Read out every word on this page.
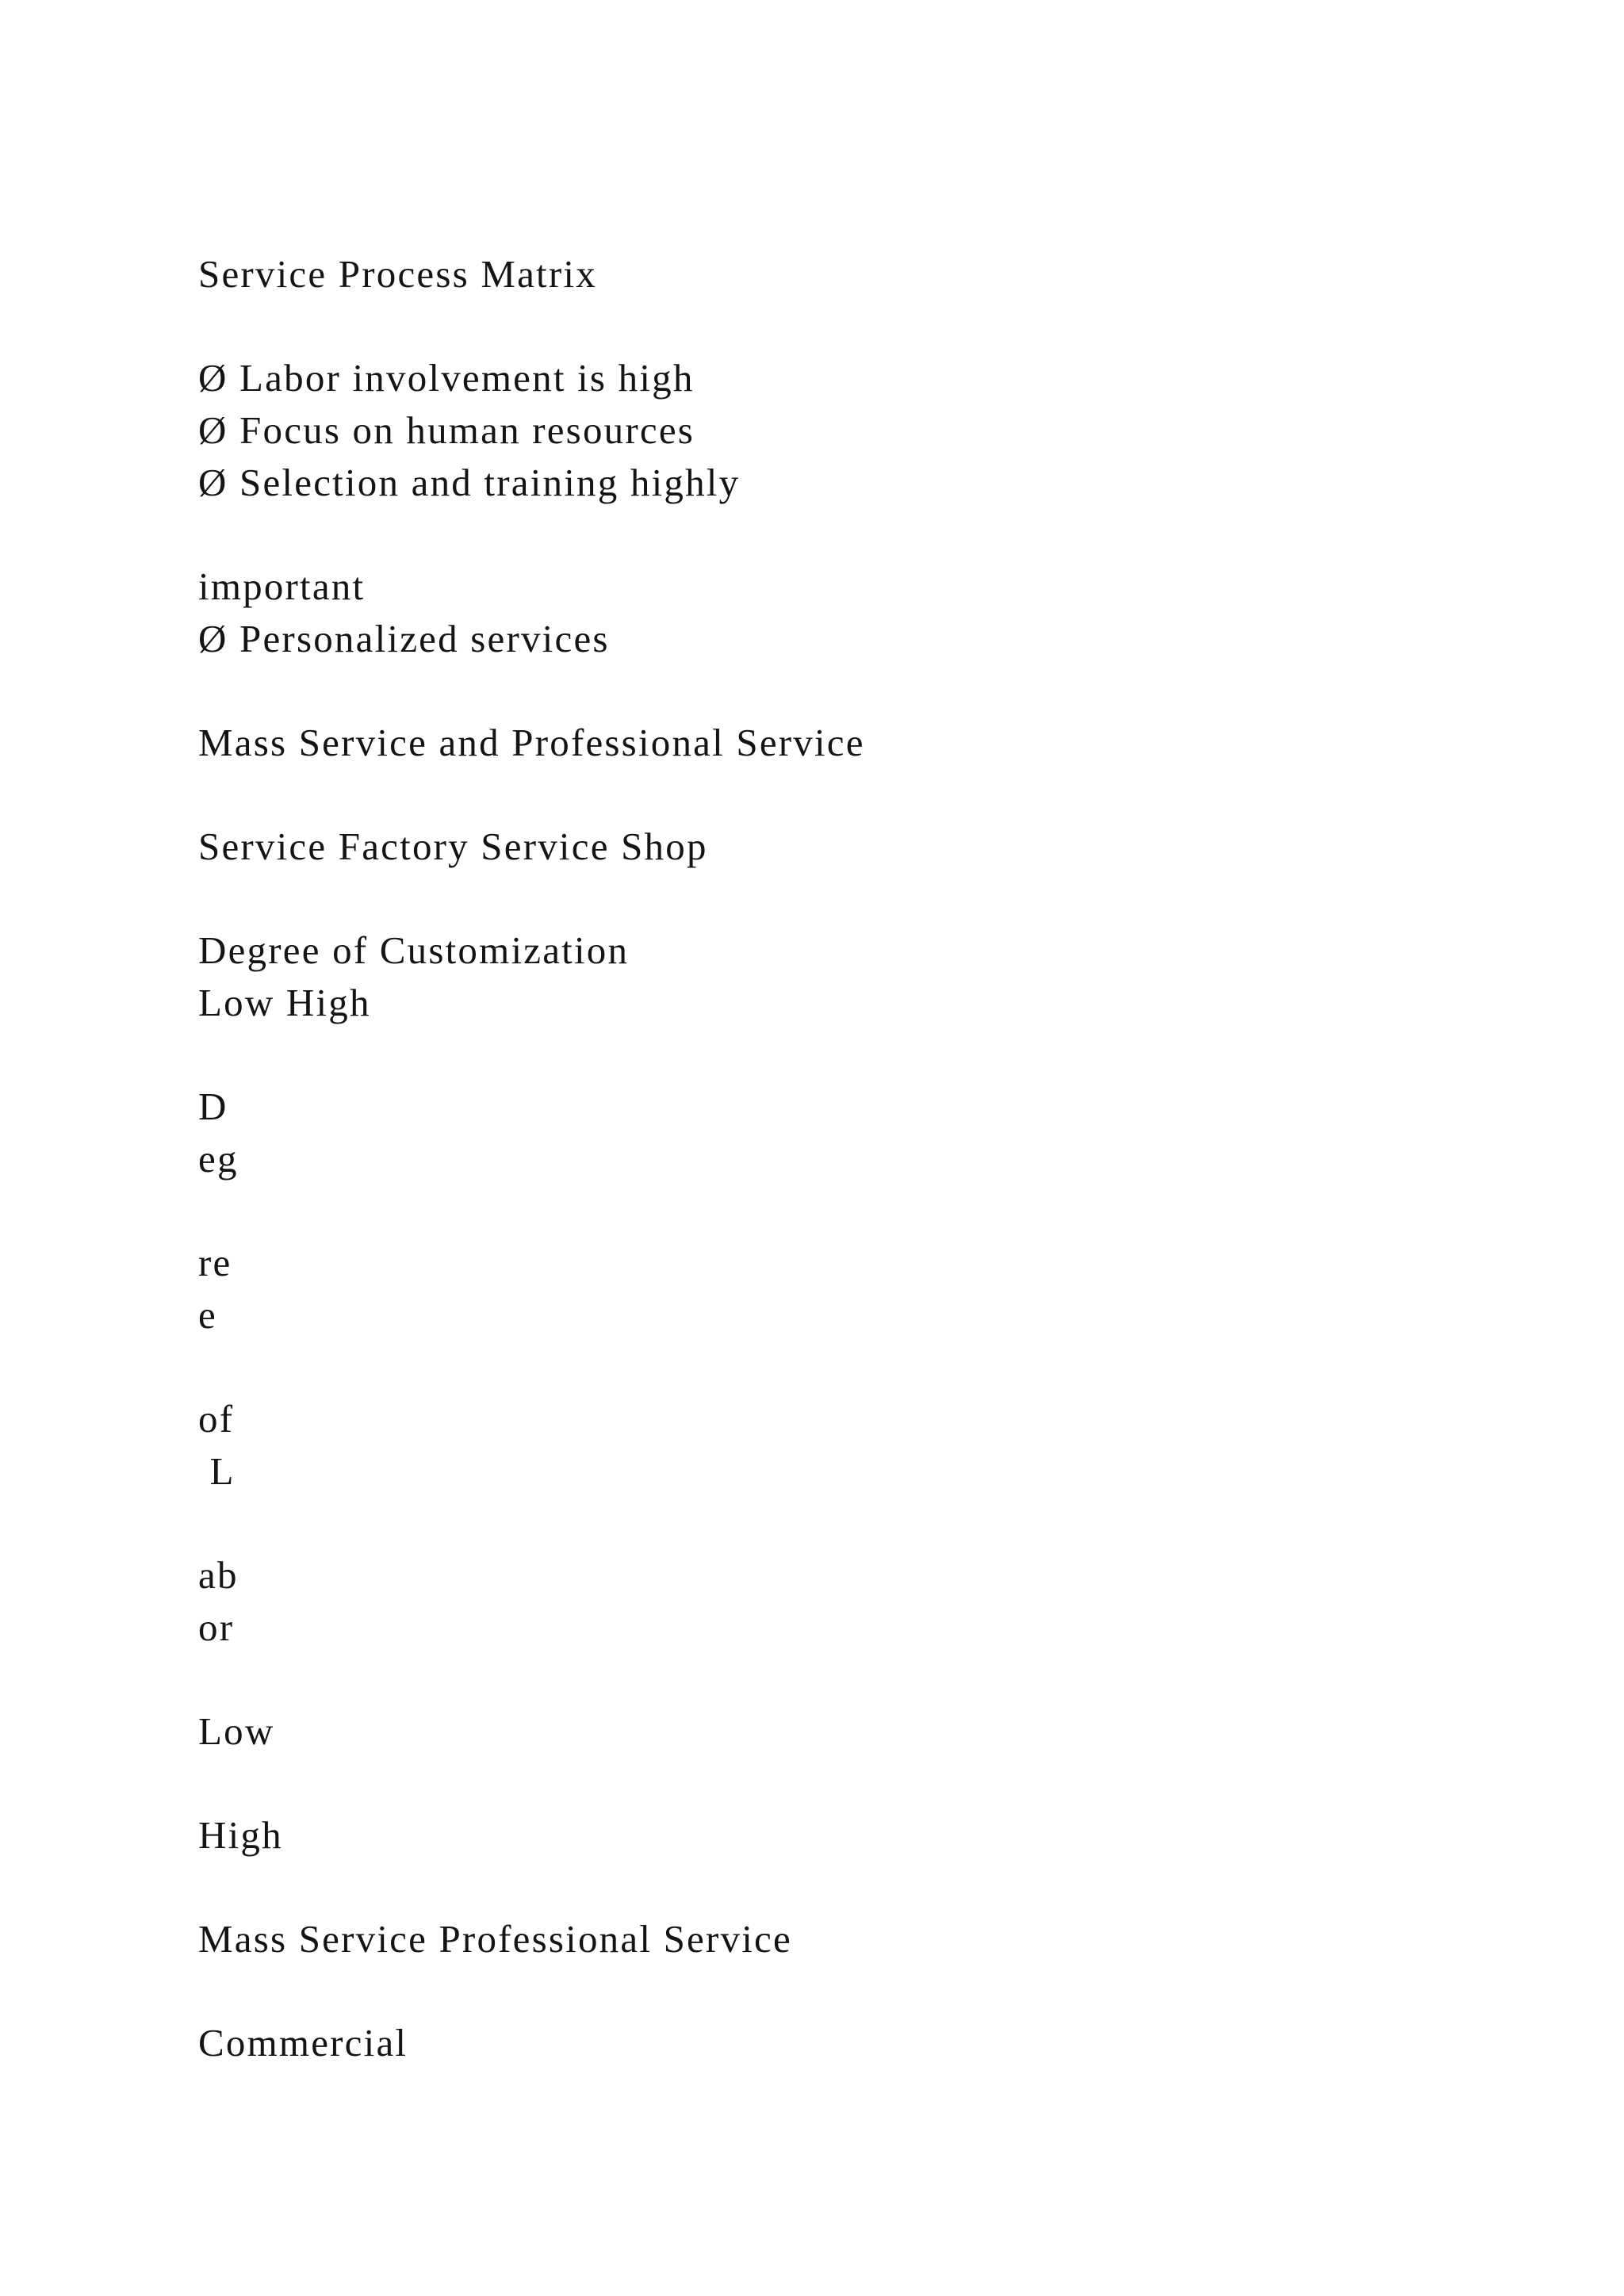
Service Process Matrix

Ø Labor involvement is high

Ø Focus on human resources

Ø Selection and training highly

important

Ø Personalized services

Mass Service and Professional Service

Service Factory Service Shop

Degree of Customization

Low High

D

eg

re

e

of

L

ab

or

Low

High

Mass Service Professional Service

Commercial
